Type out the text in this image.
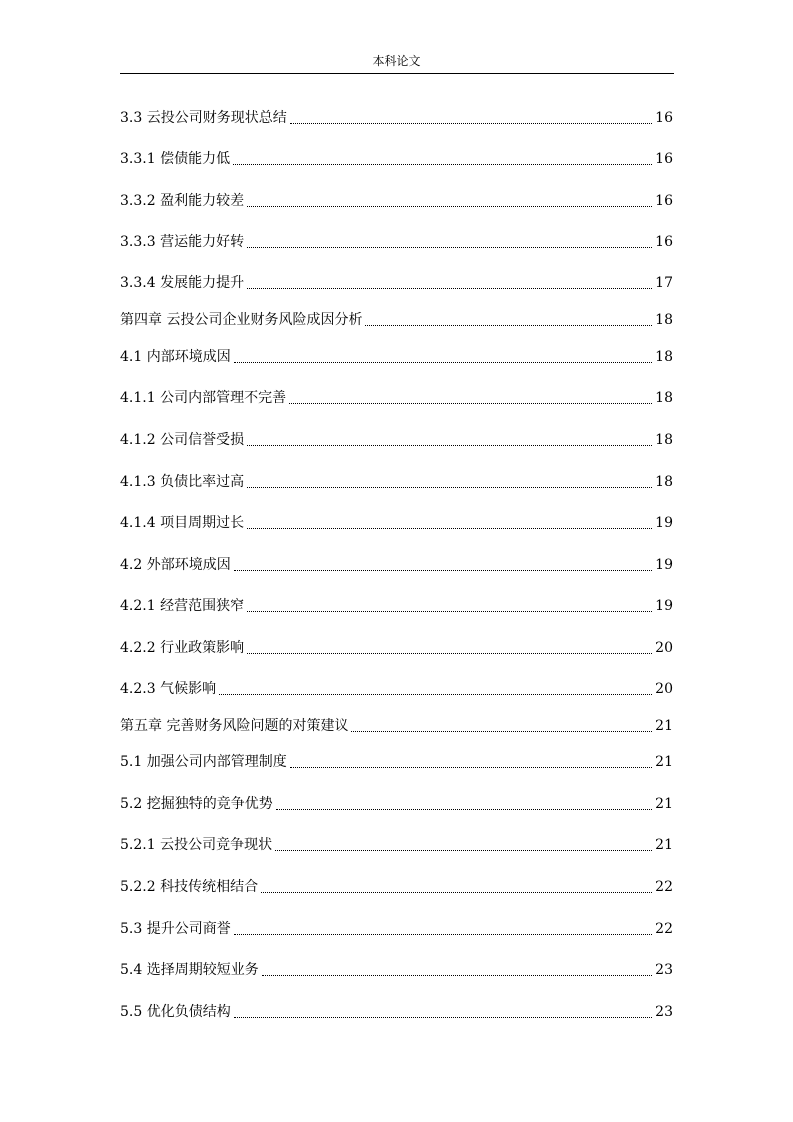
本科论文
3.3 云投公司财务现状总结	16
3.3.1 偿债能力低	16
3.3.2 盈利能力较差	16
3.3.3 营运能力好转	16
3.3.4 发展能力提升	17
第四章 云投公司企业财务风险成因分析	18
4.1 内部环境成因	18
4.1.1 公司内部管理不完善	18
4.1.2 公司信誉受损	18
4.1.3 负债比率过高	18
4.1.4 项目周期过长	19
4.2 外部环境成因	19
4.2.1 经营范围狭窄	19
4.2.2 行业政策影响	20
4.2.3 气候影响	20
第五章 完善财务风险问题的对策建议	21
5.1 加强公司内部管理制度	21
5.2 挖掘独特的竞争优势	21
5.2.1 云投公司竞争现状	21
5.2.2 科技传统相结合	22
5.3 提升公司商誉	22
5.4 选择周期较短业务	23
5.5 优化负债结构	23
